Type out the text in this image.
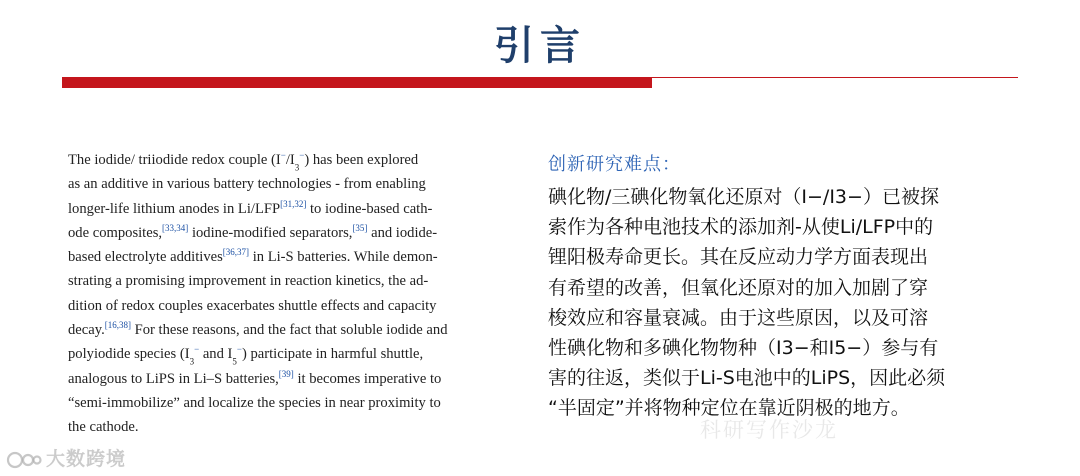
引言
The iodide/ triiodide redox couple (I−/I3−) has been explored
as an additive in various battery technologies - from enabling
longer-life lithium anodes in Li/LFP[31,32] to iodine-based cath-
ode composites,[33,34] iodine-modified separators,[35] and iodide-
based electrolyte additives[36,37] in Li-S batteries. While demon-
strating a promising improvement in reaction kinetics, the ad-
dition of redox couples exacerbates shuttle effects and capacity
decay.[16,38] For these reasons, and the fact that soluble iodide and
polyiodide species (I3− and I5−) participate in harmful shuttle,
analogous to LiPS in Li–S batteries,[39] it becomes imperative to
“semi-immobilize” and localize the species in near proximity to
the cathode.
创新研究难点：
碘化物/三碘化物氧化还原对（I−/I3−）已被探
索作为各种电池技术的添加剂-从使Li/LFP中的
锂阳极寿命更长。其在反应动力学方面表现出
有希望的改善，但氧化还原对的加入加剧了穿
梭效应和容量衰减。由于这些原因，以及可溶
性碘化物和多碘化物物种（I3−和I5−）参与有
害的往返，类似于Li-S电池中的LiPS，因此必须
“半固定”并将物种定位在靠近阴极的地方。
大数跨境
科研写作沙龙
